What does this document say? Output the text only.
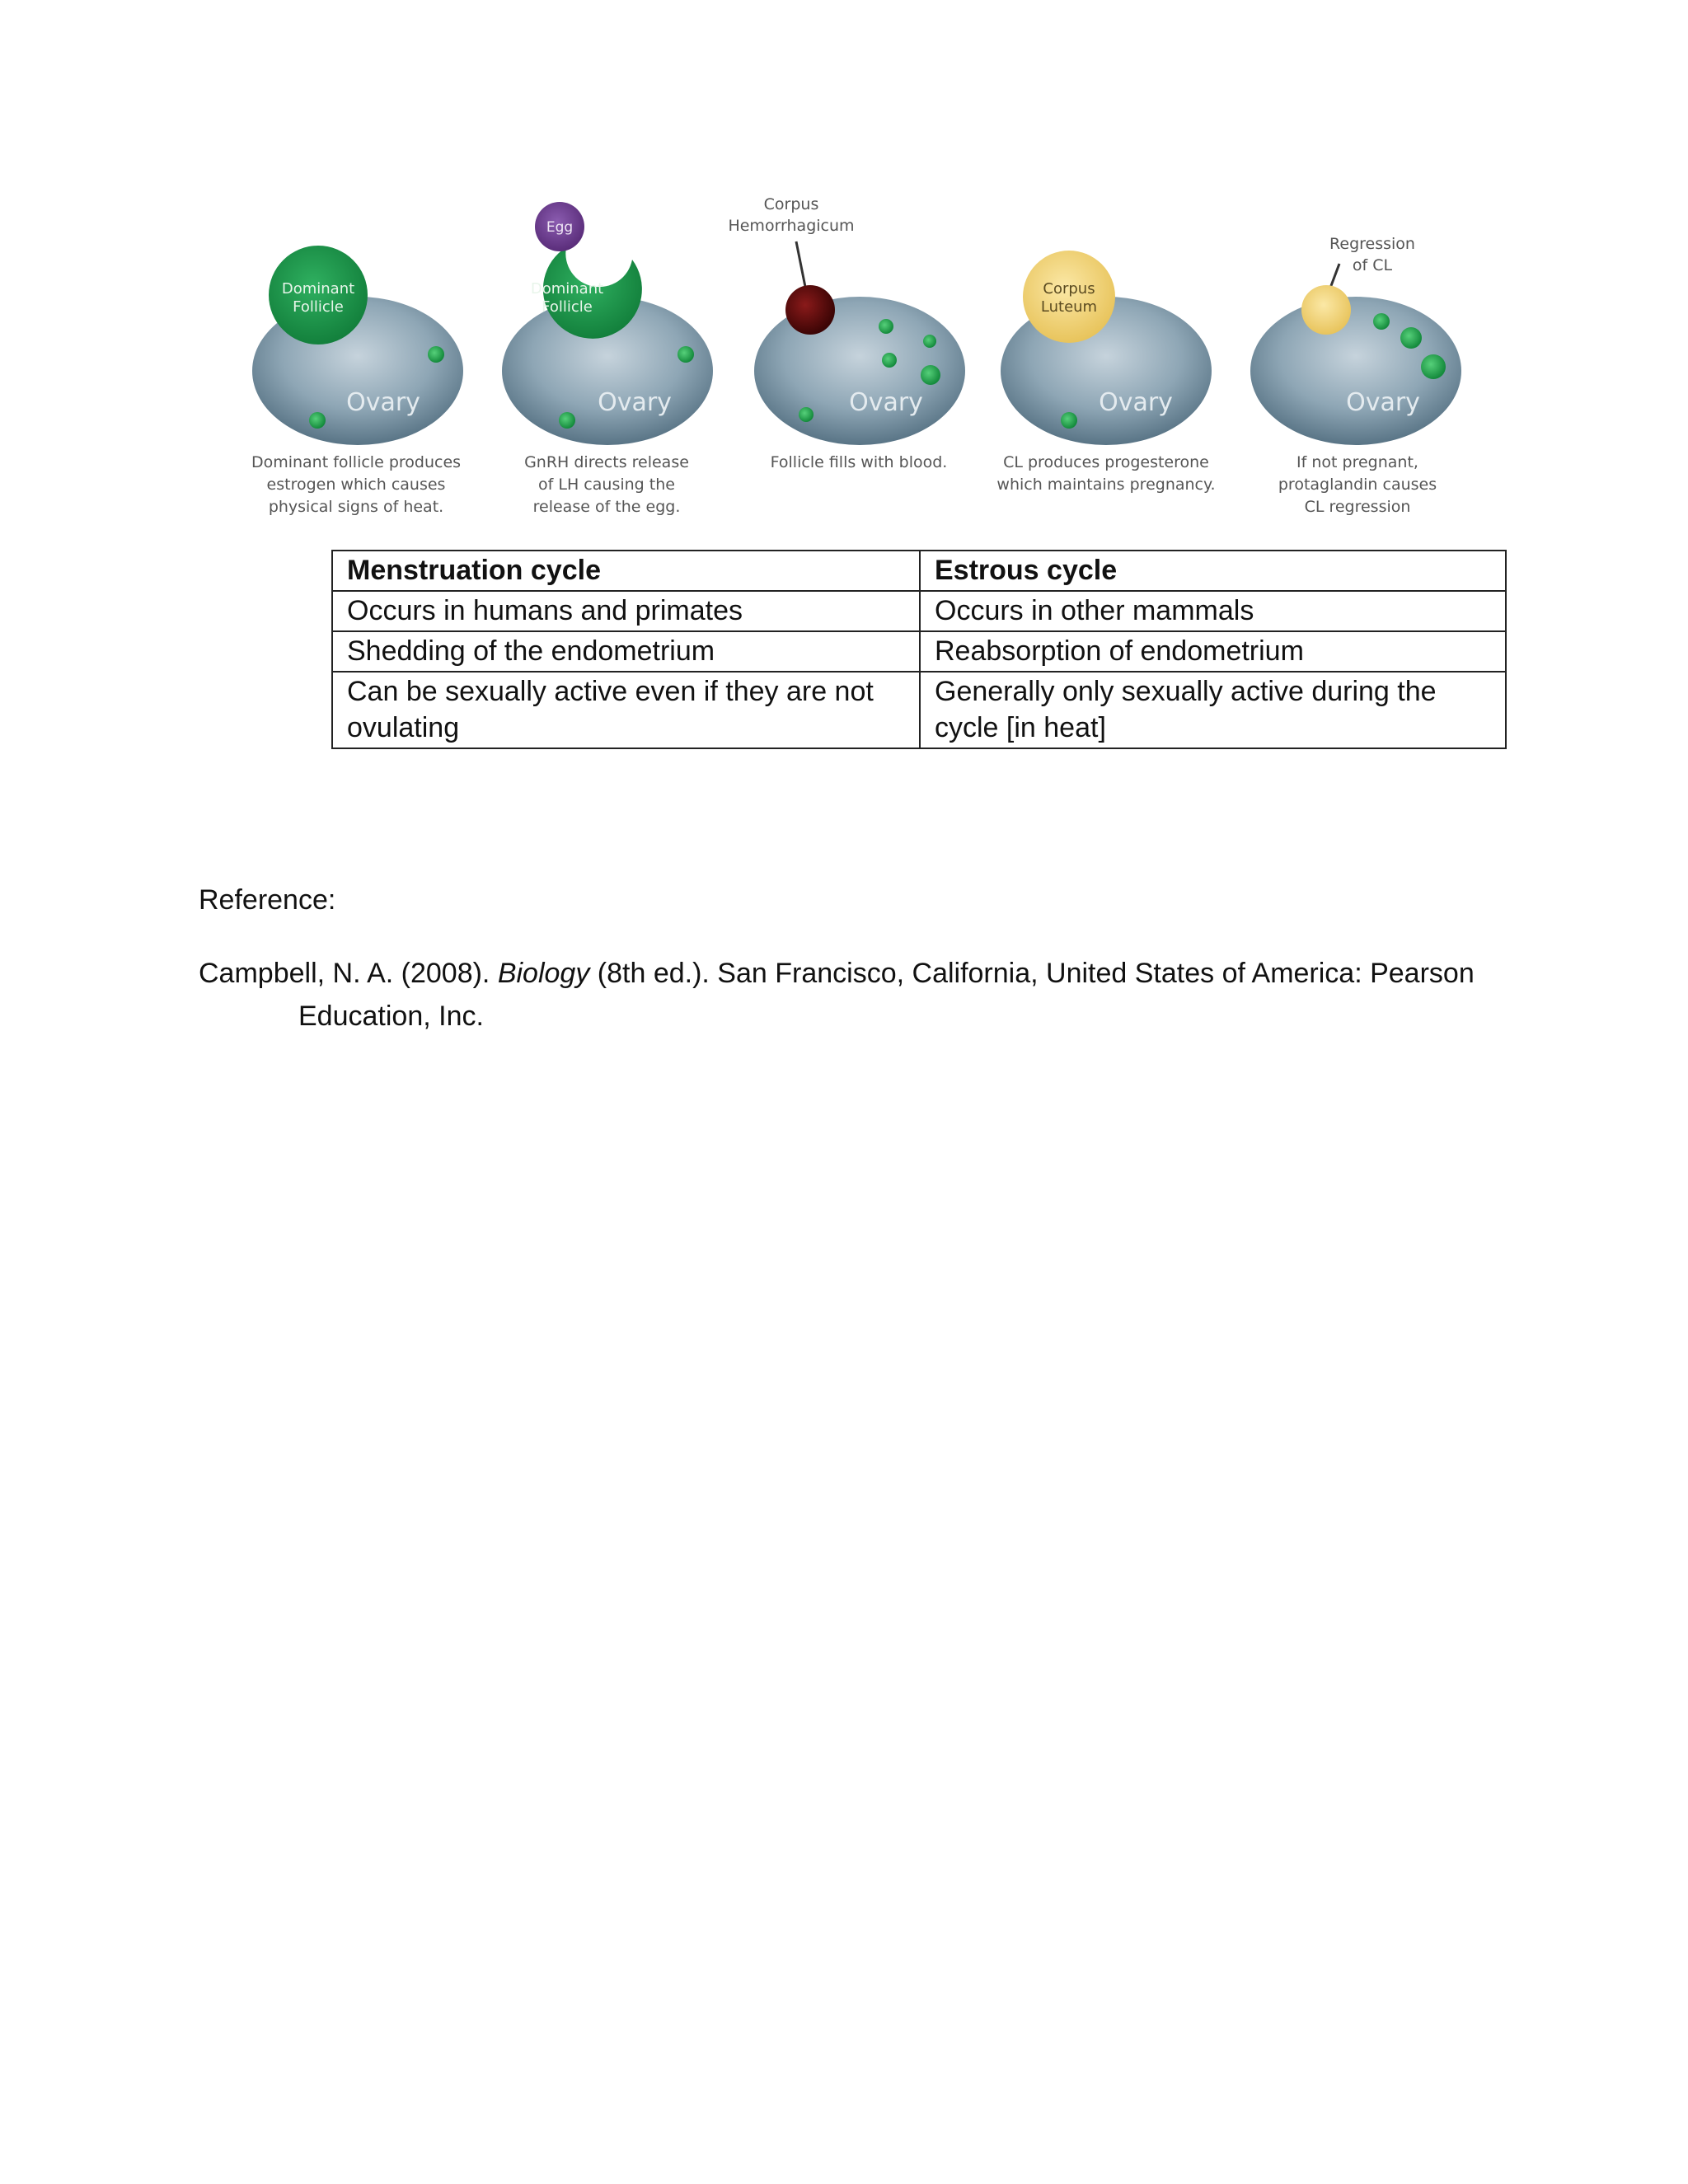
Dominant
Follicle
Ovary
Dominant
Follicle
Egg
Ovary
Corpus
Hemorrhagicum
Ovary
Corpus
Luteum
Ovary
Regression
of CL
Ovary
Dominant follicle produces
estrogen which causes
physical signs of heat.
GnRH directs release
of LH causing the
release of the egg.
Follicle fills with blood.	CL produces progesterone
which maintains pregnancy.
If not pregnant,
protaglandin causes
CL regression
Menstruation cycle	Estrous cycle
Occurs in humans and primates	Occurs in other mammals
Shedding of the endometrium	Reabsorption of endometrium
Can be sexually active even if they are not ovulating	Generally only sexually active during the cycle [in heat]
Reference:
Campbell, N. A. (2008). Biology (8th ed.). San Francisco, California, United States of America: Pearson Education, Inc.
